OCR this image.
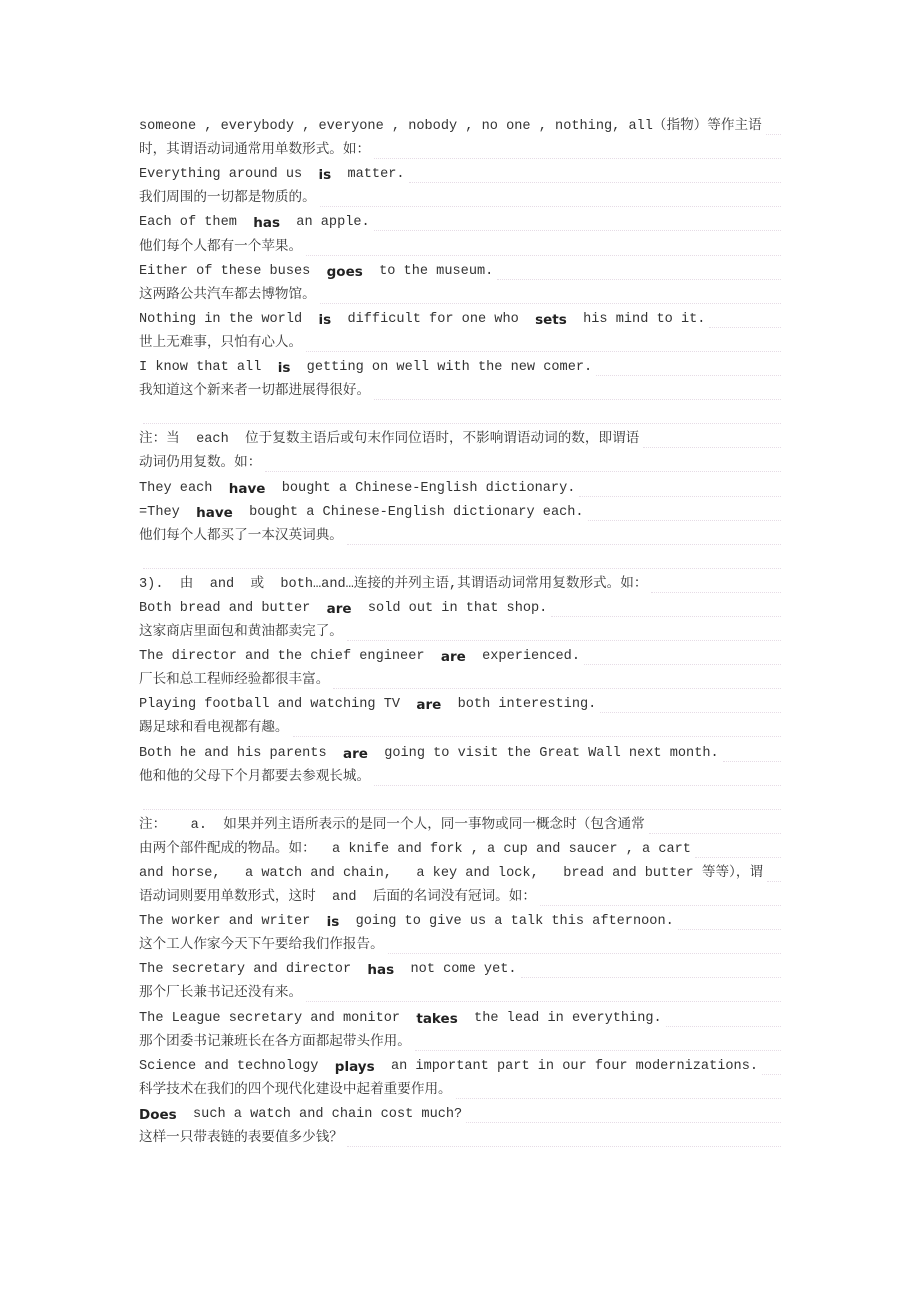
someone , everybody , everyone , nobody , no one , nothing, all（指物）等作主语
时，其谓语动词通常用单数形式。如：
Everything around us is matter.
我们周围的一切都是物质的。
Each of them has an apple.
他们每个人都有一个苹果。
Either of these buses goes to the museum.
这两路公共汽车都去博物馆。
Nothing in the world is difficult for one who sets his mind to it.
世上无难事，只怕有心人。
I know that all is getting on well with the new comer.
我知道这个新来者一切都进展得很好。
注：当  each  位于复数主语后或句末作同位语时，不影响谓语动词的数，即谓语
动词仍用复数。如：
They each have bought a Chinese-English dictionary.
=They have bought a Chinese-English dictionary each.
他们每个人都买了一本汉英词典。
3).  由  and  或  both…and…连接的并列主语,其谓语动词常用复数形式。如：
Both bread and butter are sold out in that shop.
这家商店里面包和黄油都卖完了。
The director and the chief engineer are experienced.
厂长和总工程师经验都很丰富。
Playing football and watching TV are both interesting.
踢足球和看电视都有趣。
Both he and his parents are going to visit the Great Wall next month.
他和他的父母下个月都要去参观长城。
注：   a.  如果并列主语所表示的是同一个人，同一事物或同一概念时（包含通常
由两个部件配成的物品。如：  a knife and fork , a cup and saucer , a cart
and horse,   a watch and chain,   a key and lock,   bread and butter 等等），谓
语动词则要用单数形式，这时  and  后面的名词没有冠词。如：
The worker and writer is going to give us a talk this afternoon.
这个工人作家今天下午要给我们作报告。
The secretary and director has not come yet.
那个厂长兼书记还没有来。
The League secretary and monitor takes the lead in everything.
那个团委书记兼班长在各方面都起带头作用。
Science and technology plays an important part in our four modernizations.
科学技术在我们的四个现代化建设中起着重要作用。
Does such a watch and chain cost much?
这样一只带表链的表要值多少钱？
